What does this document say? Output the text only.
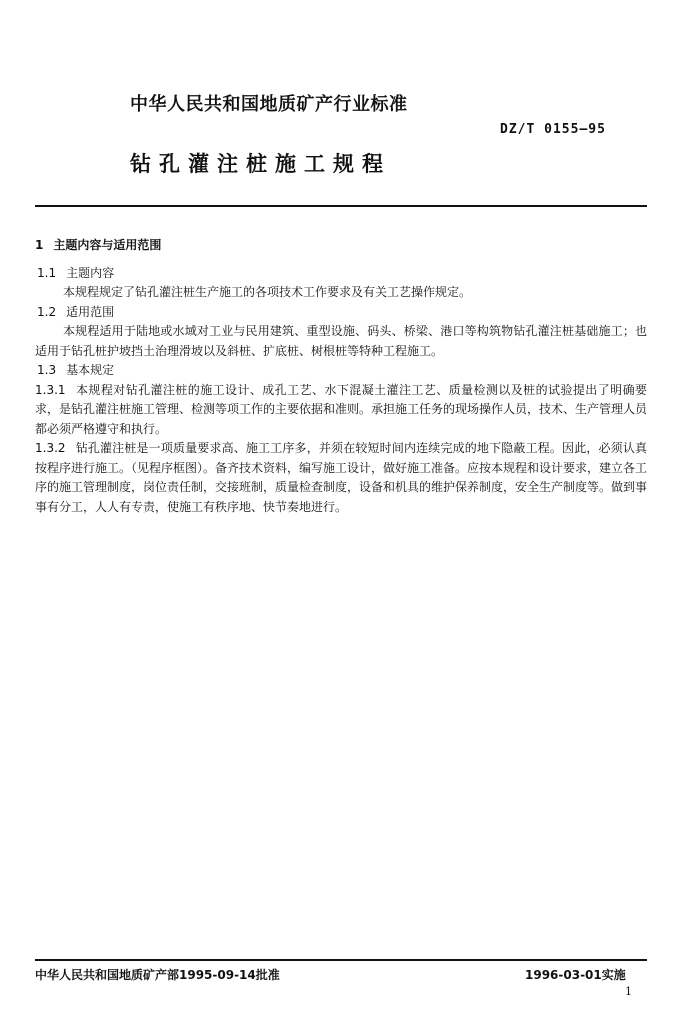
中华人民共和国地质矿产行业标准
DZ/T 0155—95
钻孔灌注桩施工规程

1 主题内容与适用范围

1.1 主题内容

本规程规定了钻孔灌注桩生产施工的各项技术工作要求及有关工艺操作规定。

1.2 适用范围

本规程适用于陆地或水域对工业与民用建筑、重型设施、码头、桥梁、港口等构筑物钻孔灌注桩基础施工；也适用于钻孔桩护坡挡土治理滑坡以及斜桩、扩底桩、树根桩等特种工程施工。

1.3 基本规定

1.3.1 本规程对钻孔灌注桩的施工设计、成孔工艺、水下混凝土灌注工艺、质量检测以及桩的试验提出了明确要求，是钻孔灌注桩施工管理、检测等项工作的主要依据和准则。承担施工任务的现场操作人员，技术、生产管理人员都必须严格遵守和执行。

1.3.2 钻孔灌注桩是一项质量要求高、施工工序多，并须在较短时间内连续完成的地下隐蔽工程。因此，必须认真按程序进行施工。（见程序框图）。备齐技术资料，编写施工设计，做好施工准备。应按本规程和设计要求，建立各工序的施工管理制度，岗位责任制，交接班制，质量检查制度，设备和机具的维护保养制度，安全生产制度等。做到事事有分工，人人有专责，使施工有秩序地、快节奏地进行。

中华人民共和国地质矿产部1995-09-14批准	1996-03-01实施
1
